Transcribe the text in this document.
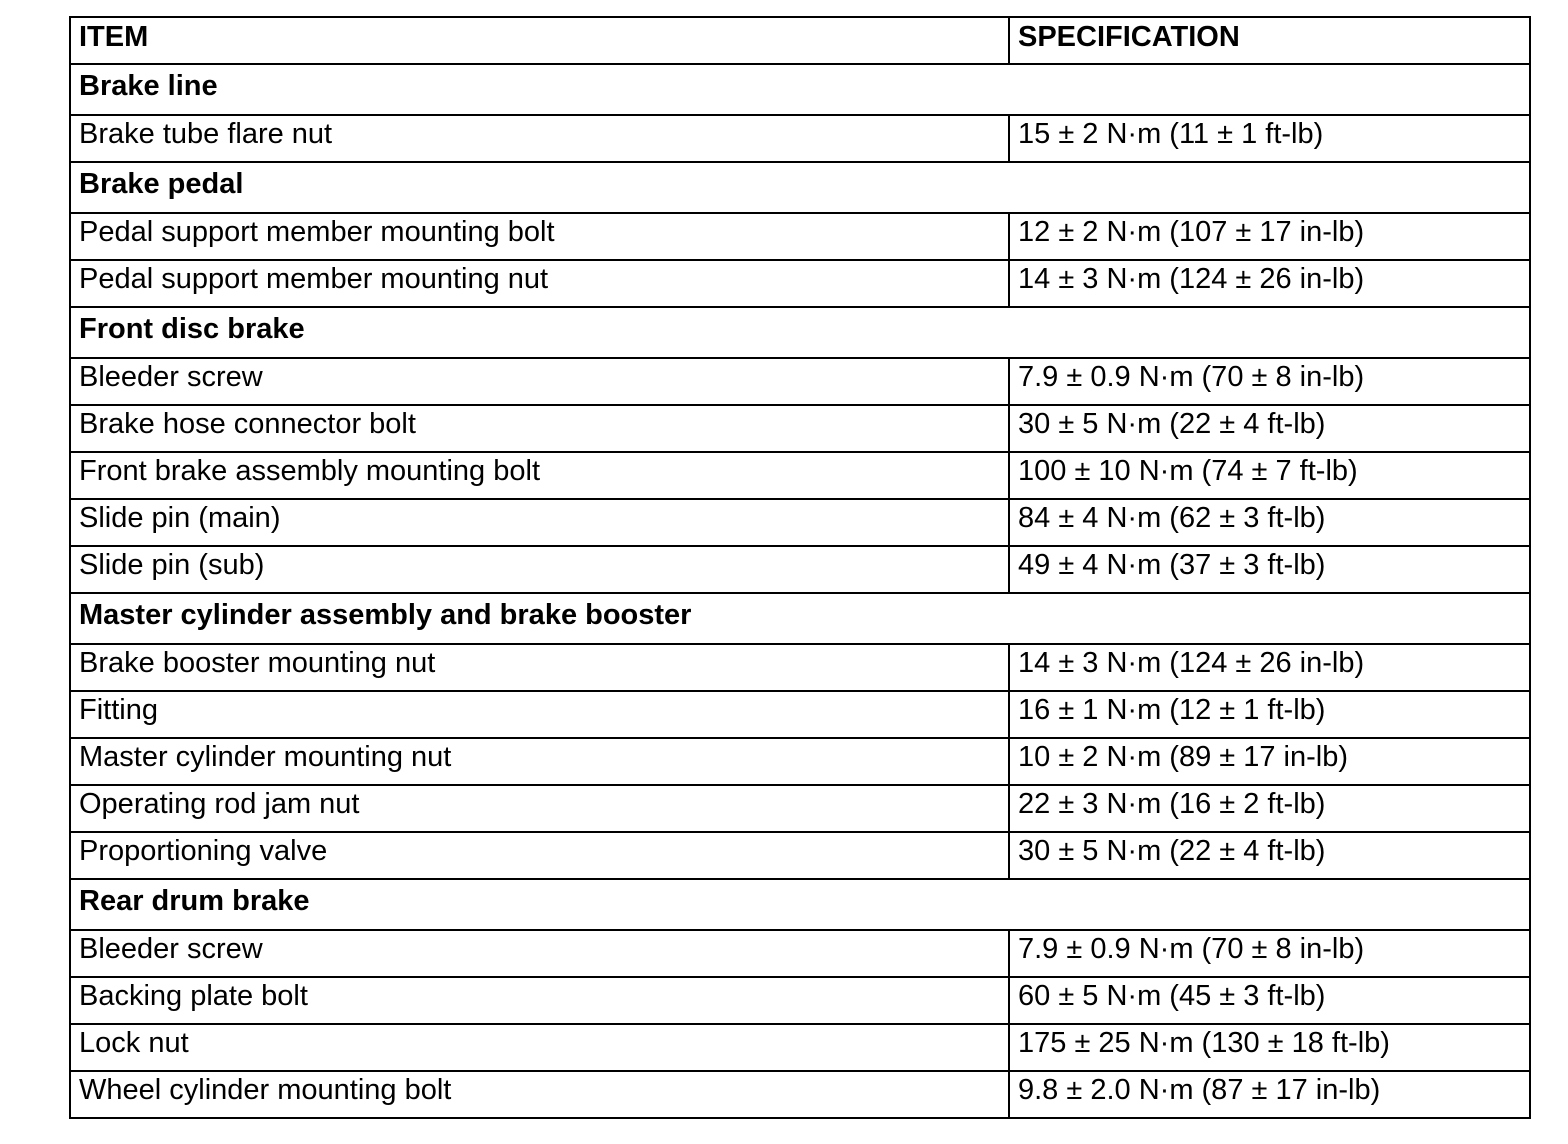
ITEM	SPECIFICATION
Brake line	
Brake tube flare nut	15 ± 2 N·m (11 ± 1 ft-lb)
Brake pedal	
Pedal support member mounting bolt	12 ± 2 N·m (107 ± 17 in-lb)
Pedal support member mounting nut	14 ± 3 N·m (124 ± 26 in-lb)
Front disc brake	
Bleeder screw	7.9 ± 0.9 N·m (70 ± 8 in-lb)
Brake hose connector bolt	30 ± 5 N·m (22 ± 4 ft-lb)
Front brake assembly mounting bolt	100 ± 10 N·m (74 ± 7 ft-lb)
Slide pin (main)	84 ± 4 N·m (62 ± 3 ft-lb)
Slide pin (sub)	49 ± 4 N·m (37 ± 3 ft-lb)
Master cylinder assembly and brake booster	
Brake booster mounting nut	14 ± 3 N·m (124 ± 26 in-lb)
Fitting	16 ± 1 N·m (12 ± 1 ft-lb)
Master cylinder mounting nut	10 ± 2 N·m (89 ± 17 in-lb)
Operating rod jam nut	22 ± 3 N·m (16 ± 2 ft-lb)
Proportioning valve	30 ± 5 N·m (22 ± 4 ft-lb)
Rear drum brake	
Bleeder screw	7.9 ± 0.9 N·m (70 ± 8 in-lb)
Backing plate bolt	60 ± 5 N·m (45 ± 3 ft-lb)
Lock nut	175 ± 25 N·m (130 ± 18 ft-lb)
Wheel cylinder mounting bolt	9.8 ± 2.0 N·m (87 ± 17 in-lb)
